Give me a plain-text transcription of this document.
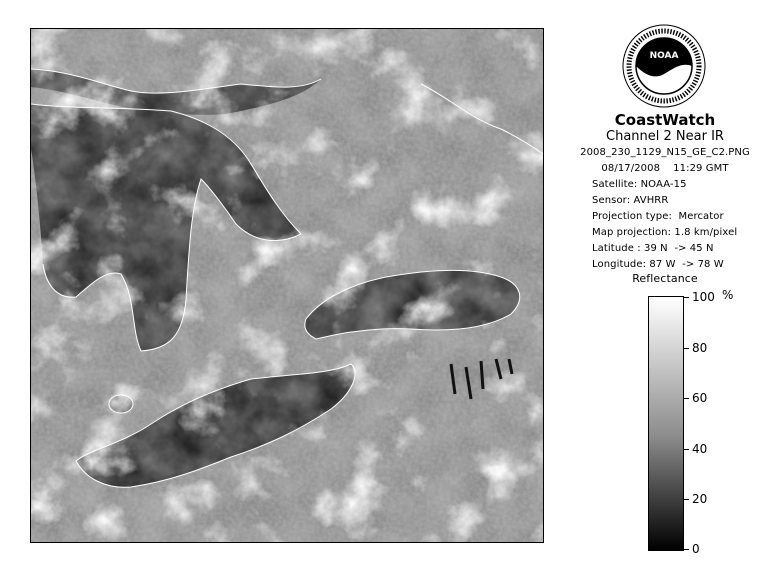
NOAA
CoastWatch
Channel 2 Near IR
2008_230_1129_N15_GE_C2.PNG
08/17/2008    11:29 GMT
Satellite: NOAA-15
Sensor: AVHRR
Projection type:  Mercator
Map projection: 1.8 km/pixel
Latitude : 39 N  -> 45 N
Longitude: 87 W  -> 78 W
Reflectance
100 %
80
60
40
20
0
